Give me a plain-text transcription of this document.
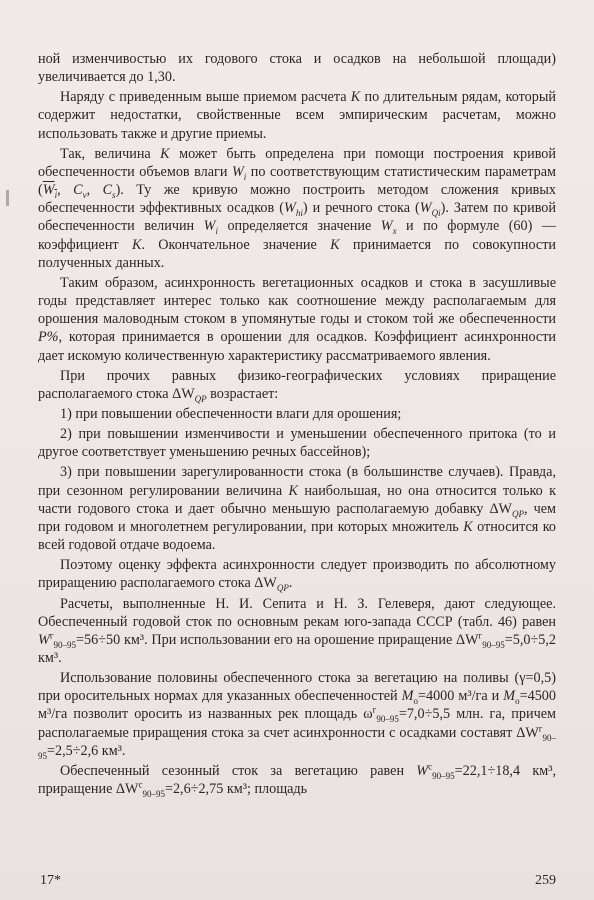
ной изменчивостью их годового стока и осадков на небольшой площади) увеличивается до 1,30.

Наряду с приведенным выше приемом расчета K по длительным рядам, который содержит недостатки, свойственные всем эмпирическим расчетам, можно использовать также и другие приемы.

Так, величина K может быть определена при помощи построения кривой обеспеченности объемов влаги $W_i$ по соответствующим статистическим параметрам ($W_i$, $C_v$, $C_s$). Ту же кривую можно построить методом сложения кривых обеспеченности эффективных осадков $(W_{hi})$ и речного стока $(W_{Qi})$. Затем по кривой обеспеченности величин $W_i$ определяется значение $W_x$ и по формуле (60) — коэффициент K. Окончательное значение K принимается по совокупности полученных данных.

Таким образом, асинхронность вегетационных осадков и стока в засушливые годы представляет интерес только как соотношение между располагаемым для орошения маловодным стоком в упомянутые годы и стоком той же обеспеченности P%, которая принимается в орошении для осадков. Коэффициент асинхронности дает искомую количественную характеристику рассматриваемого явления.

При прочих равных физико-географических условиях приращение располагаемого стока $\Delta W_{QP}$ возрастает:

1) при повышении обеспеченности влаги для орошения;

2) при повышении изменчивости и уменьшении обеспеченного притока (то и другое соответствует уменьшению речных бассейнов);

3) при повышении зарегулированности стока (в большинстве случаев). Правда, при сезонном регулировании величина K наибольшая, но она относится только к части годового стока и дает обычно меньшую располагаемую добавку $\Delta W_{QP}$, чем при годовом и многолетнем регулировании, при которых множитель K относится ко всей годовой отдаче водоема.

Поэтому оценку эффекта асинхронности следует производить по абсолютному приращению располагаемого стока $\Delta W_{QP}$.

Расчеты, выполненные Н. И. Сепита и Н. З. Гелеверя, дают следующее. Обеспеченный годовой сток по основным рекам юго-запада СССР (табл. 46) равен $W^г_{90-95}=56\div 50$ км³. При использовании его на орошение приращение $\Delta W^г_{90-95}=5,0\div 5,2$ км³.

Использование половины обеспеченного стока за вегетацию на поливы (γ=0,5) при оросительных нормах для указанных обеспеченностей $M_o=4000$ м³/га и $M_o=4500$ м³/га позволит оросить из названных рек площадь $\omega^г_{90-95}=7,0\div 5,5$ млн. га, причем располагаемые приращения стока за счет асинхронности с осадками составят $\Delta W^г_{90-95}=2,5\div 2,6$ км³.

Обеспеченный сезонный сток за вегетацию равен $W^с_{90-95}=22,1\div 18,4$ км³, приращение $\Delta W^с_{90-95}=2,6\div 2,75$ км³; площадь

17*	259
